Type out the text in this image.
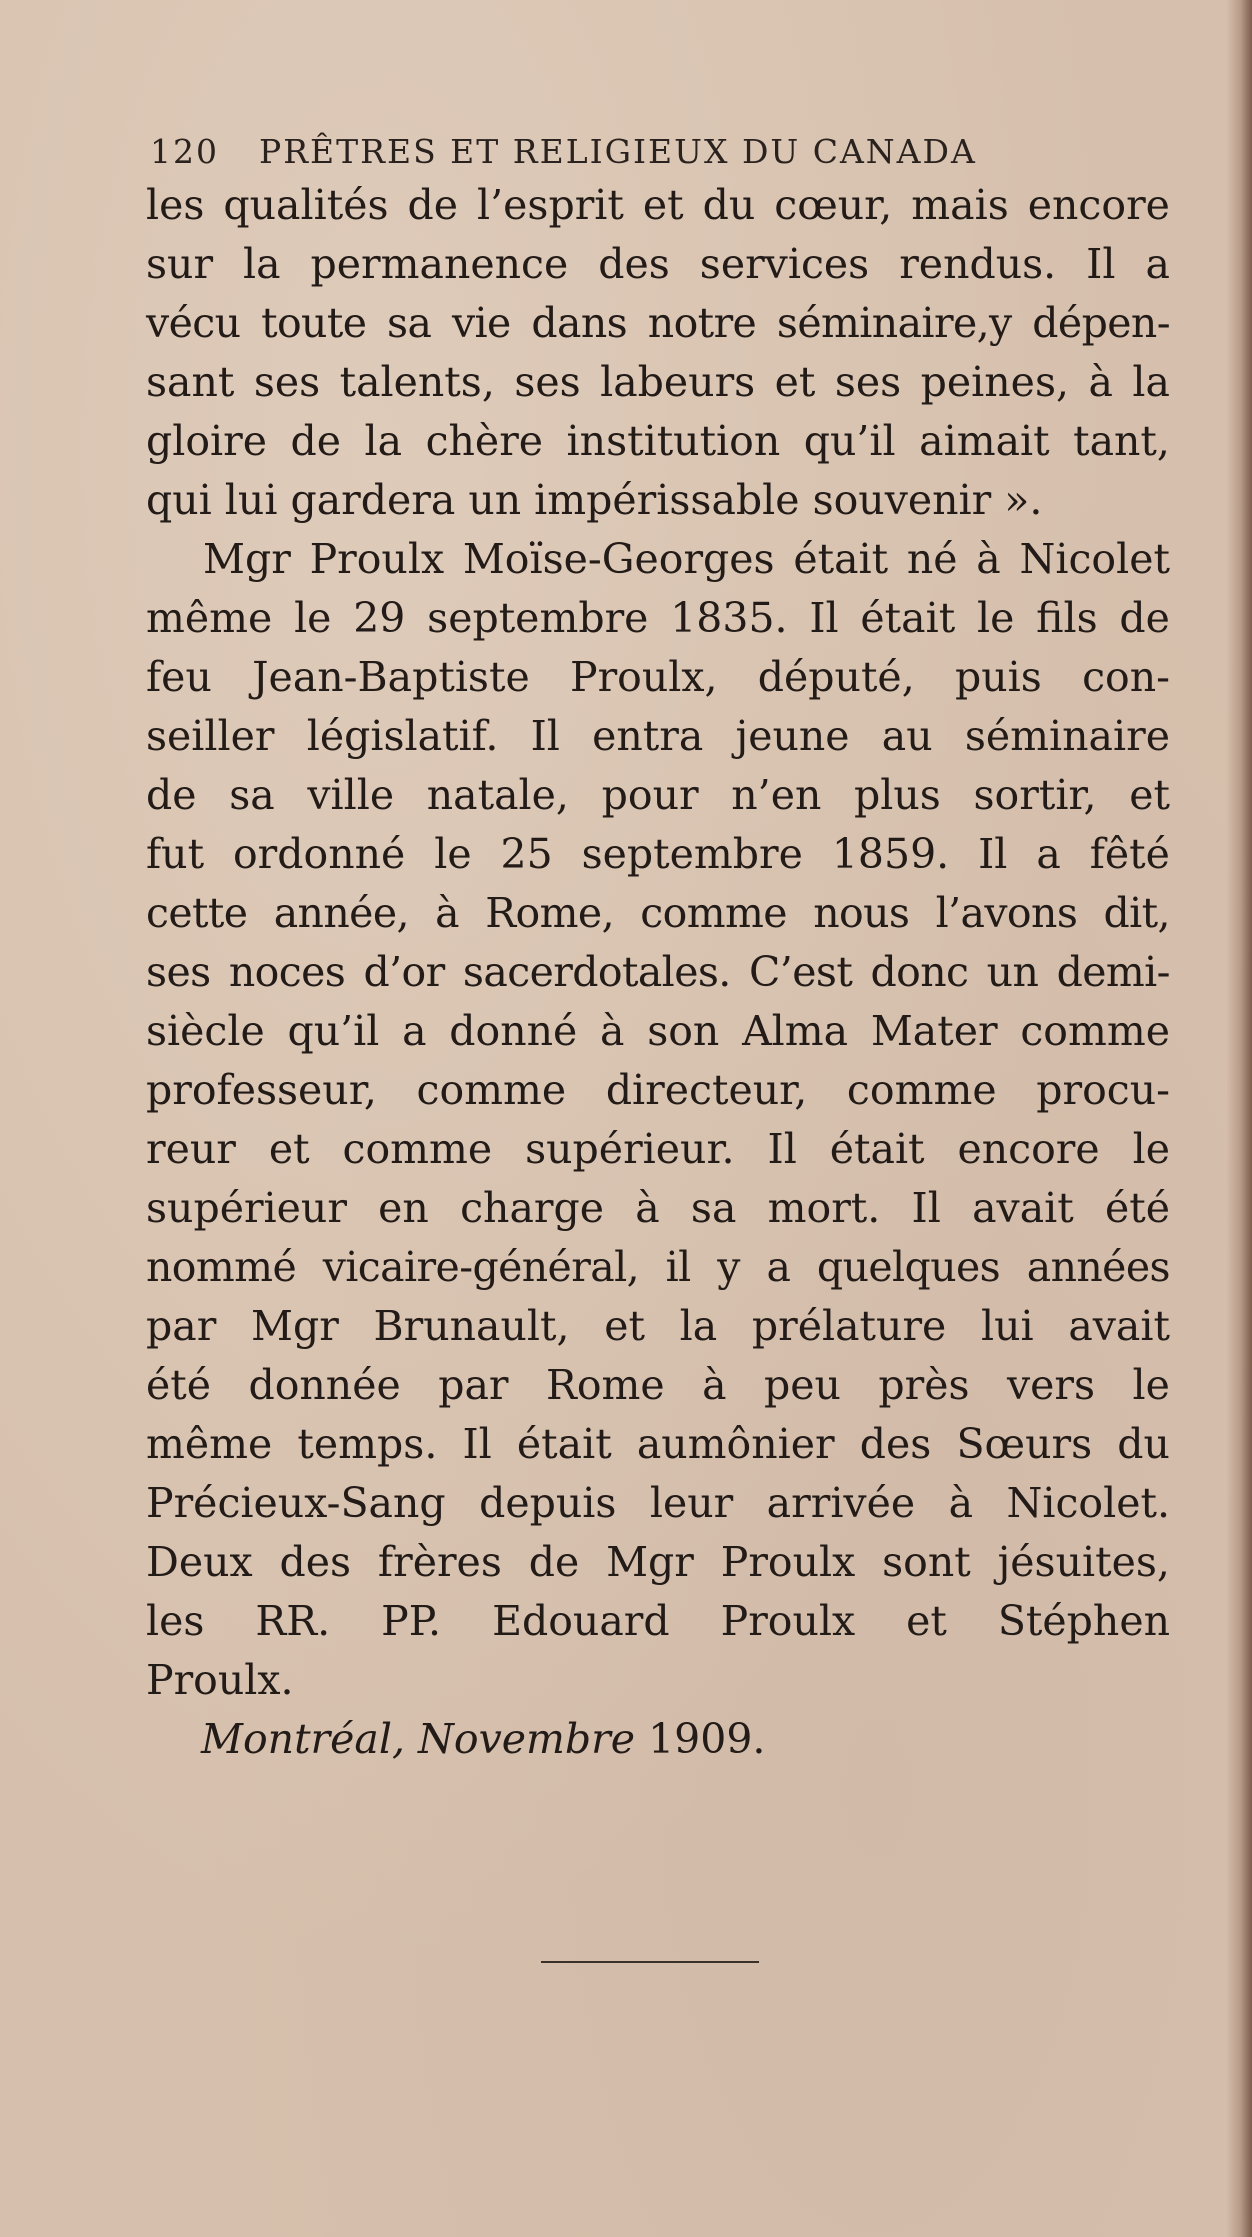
120 PRÊTRES ET RELIGIEUX DU CANADA
les qualités de l’esprit et du cœur, mais encore
sur la permanence des services rendus. Il a
vécu toute sa vie dans notre séminaire,y dépen-
sant ses talents, ses labeurs et ses peines, à la
gloire de la chère institution qu’il aimait tant,
qui lui gardera un impérissable souvenir ».
Mgr Proulx Moïse-Georges était né à Nicolet
même le 29 septembre 1835. Il était le fils de
feu Jean-Baptiste Proulx, député, puis con-
seiller législatif. Il entra jeune au séminaire
de sa ville natale, pour n’en plus sortir, et
fut ordonné le 25 septembre 1859. Il a fêté
cette année, à Rome, comme nous l’avons dit,
ses noces d’or sacerdotales. C’est donc un demi-
siècle qu’il a donné à son Alma Mater comme
professeur, comme directeur, comme procu-
reur et comme supérieur. Il était encore le
supérieur en charge à sa mort. Il avait été
nommé vicaire-général, il y a quelques années
par Mgr Brunault, et la prélature lui avait
été donnée par Rome à peu près vers le
même temps. Il était aumônier des Sœurs du
Précieux-Sang depuis leur arrivée à Nicolet.
Deux des frères de Mgr Proulx sont jésuites,
les RR. PP. Edouard Proulx et Stéphen
Proulx.
Montréal, Novembre
1909.
